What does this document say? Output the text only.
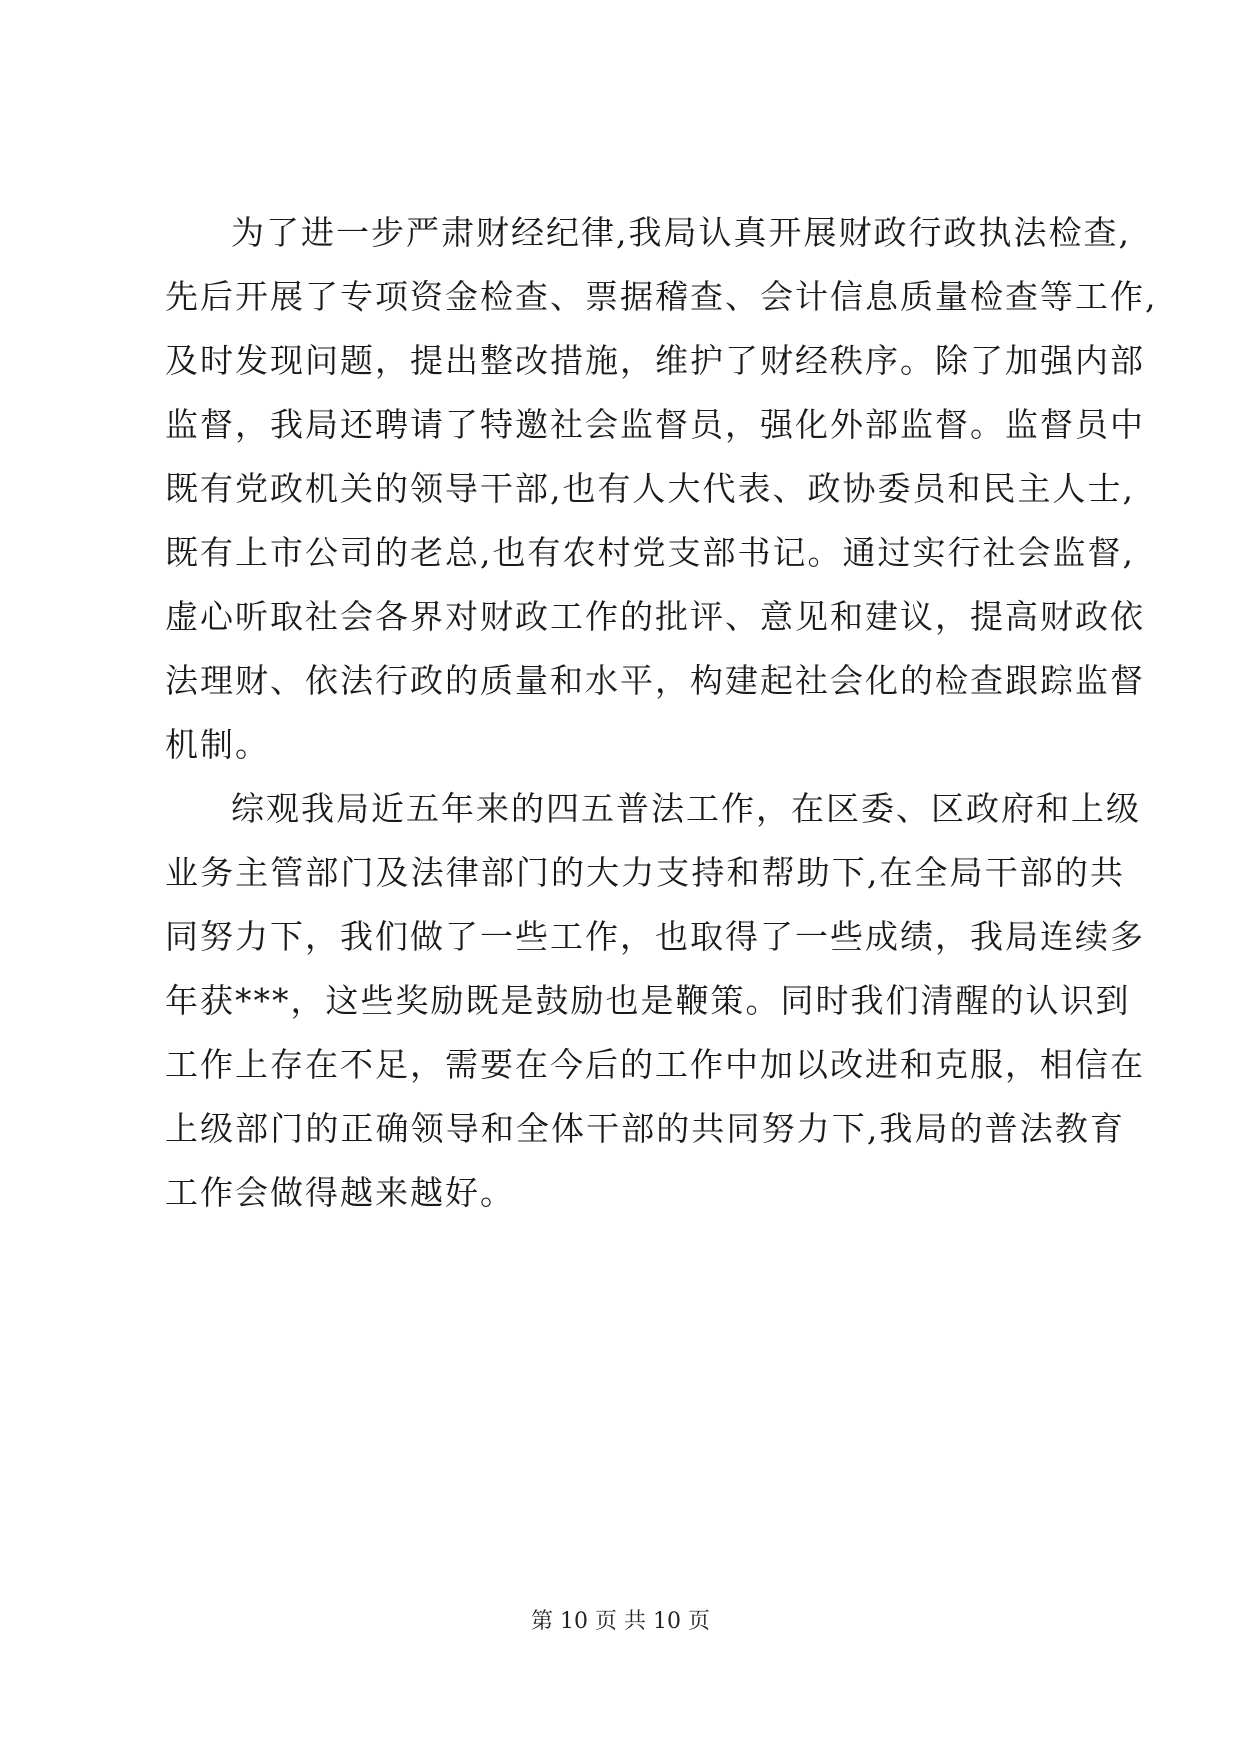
为了进一步严肃财经纪律,我局认真开展财政行政执法检查,
先后开展了专项资金检查、票据稽查、会计信息质量检查等工作,
及时发现问题，提出整改措施，维护了财经秩序。除了加强内部
监督，我局还聘请了特邀社会监督员，强化外部监督。监督员中
既有党政机关的领导干部,也有人大代表、政协委员和民主人士,
既有上市公司的老总,也有农村党支部书记。通过实行社会监督,
虚心听取社会各界对财政工作的批评、意见和建议，提高财政依
法理财、依法行政的质量和水平，构建起社会化的检查跟踪监督
机制。
综观我局近五年来的四五普法工作，在区委、区政府和上级
业务主管部门及法律部门的大力支持和帮助下,在全局干部的共
同努力下，我们做了一些工作，也取得了一些成绩，我局连续多
年获***，这些奖励既是鼓励也是鞭策。同时我们清醒的认识到
工作上存在不足，需要在今后的工作中加以改进和克服，相信在
上级部门的正确领导和全体干部的共同努力下,我局的普法教育
工作会做得越来越好。
第 10 页 共 10 页
